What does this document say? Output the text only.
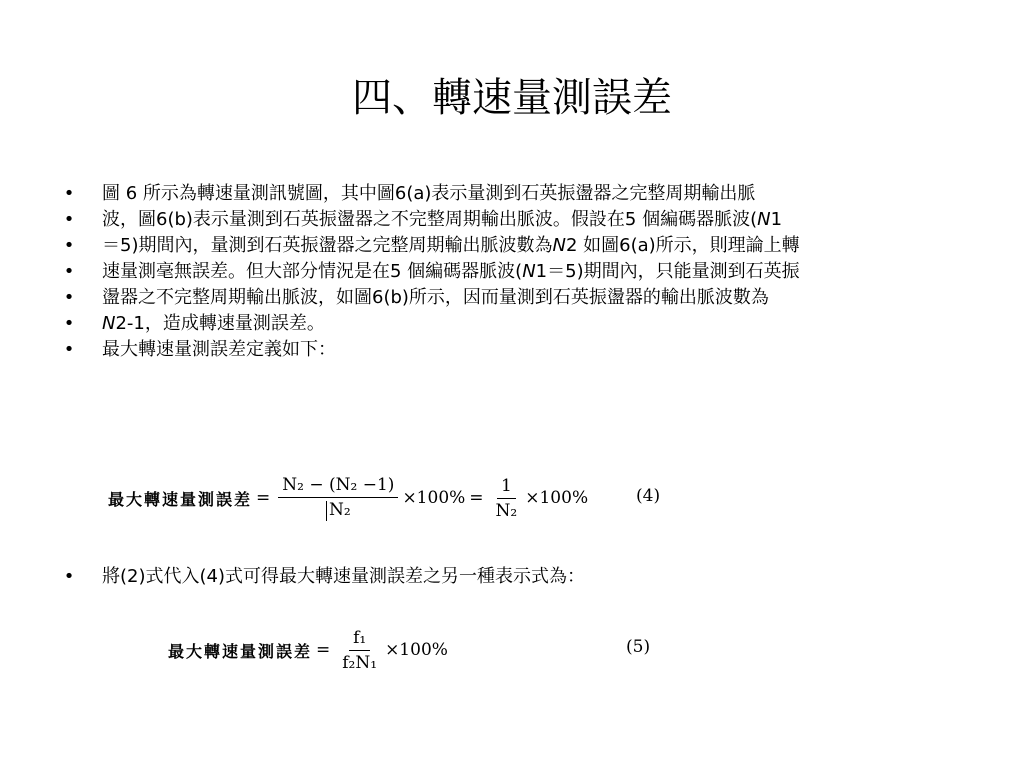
四、轉速量測誤差
• 圖 6 所示為轉速量測訊號圖，其中圖6(a)表示量測到石英振盪器之完整周期輸出脈
• 波，圖6(b)表示量測到石英振盪器之不完整周期輸出脈波。假設在5 個編碼器脈波(N1
• ＝5)期間內，量測到石英振盪器之完整周期輸出脈波數為N2 如圖6(a)所示，則理論上轉
• 速量測毫無誤差。但大部分情況是在5 個編碼器脈波(N1＝5)期間內，只能量測到石英振
• 盪器之不完整周期輸出脈波，如圖6(b)所示，因而量測到石英振盪器的輸出脈波數為
• N2-1，造成轉速量測誤差。
• 最大轉速量測誤差定義如下：
最大轉速量測誤差 = $\frac{\text{N₂ − (N₂ −1)}}{\text{N₂}} \times 100\% = \frac{1}{\text{N₂}} \times 100\%$	(4)
• 將(2)式代入(4)式可得最大轉速量測誤差之另一種表示式為：
最大轉速量測誤差 = $\frac{\text{f₁}}{\text{f₂N₁}} \times 100\%$	(5)
